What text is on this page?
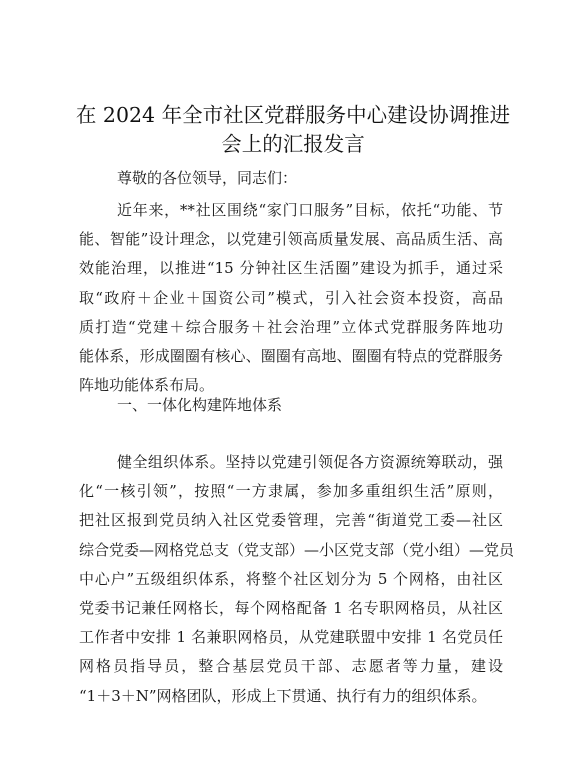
在 2024 年全市社区党群服务中心建设协调推进
会上的汇报发言
尊敬的各位领导，同志们：
近年来，**社区围绕“家门口服务”目标，依托“功能、节
能、智能”设计理念，以党建引领高质量发展、高品质生活、高
效能治理，以推进“15 分钟社区生活圈”建设为抓手，通过采
取“政府＋企业＋国资公司”模式，引入社会资本投资，高品
质打造“党建＋综合服务＋社会治理”立体式党群服务阵地功
能体系，形成圈圈有核心、圈圈有高地、圈圈有特点的党群服务
阵地功能体系布局。
一、一体化构建阵地体系
健全组织体系。坚持以党建引领促各方资源统筹联动，强
化“一核引领”，按照“一方隶属，参加多重组织生活”原则，
把社区报到党员纳入社区党委管理，完善“街道党工委—社区
综合党委—网格党总支（党支部）—小区党支部（党小组）—党员
中心户”五级组织体系，将整个社区划分为 5 个网格，由社区
党委书记兼任网格长，每个网格配备 1 名专职网格员，从社区
工作者中安排 1 名兼职网格员，从党建联盟中安排 1 名党员任
网格员指导员，整合基层党员干部、志愿者等力量，建设
“1＋3＋N”网格团队，形成上下贯通、执行有力的组织体系。
